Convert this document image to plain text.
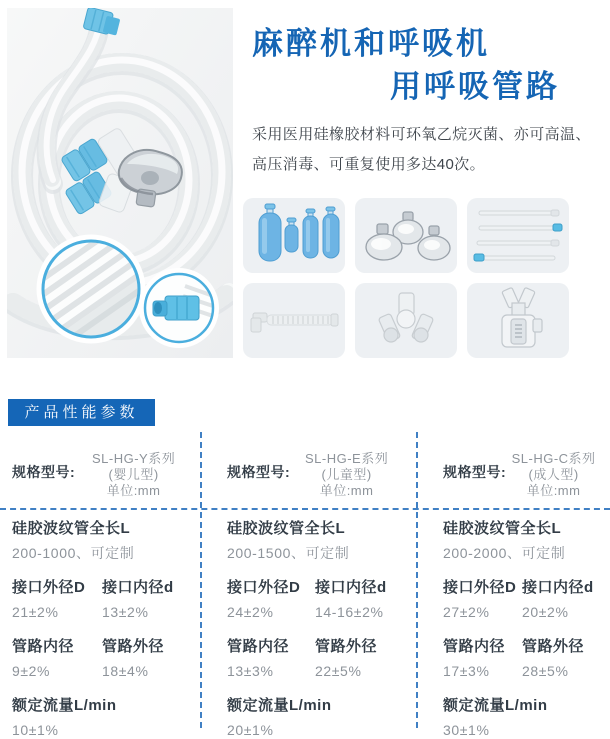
麻醉机和呼吸机
用呼吸管路
采用医用硅橡胶材料可环氧乙烷灭菌、亦可高温、
高压消毒、可重复使用多达40次。
产品性能参数
规格型号:
SL-HG-Y系列
(婴儿型)
单位:mm
硅胶波纹管全长L
200-1000、可定制
接口外径D
21±2%
接口内径d
13±2%
管路内径
9±2%
管路外径
18±4%
额定流量L/min
10±1%
规格型号:
SL-HG-E系列
(儿童型)
单位:mm
硅胶波纹管全长L
200-1500、可定制
接口外径D
24±2%
接口内径d
14-16±2%
管路内径
13±3%
管路外径
22±5%
额定流量L/min
20±1%
规格型号:
SL-HG-C系列
(成人型)
单位:mm
硅胶波纹管全长L
200-2000、可定制
接口外径D
27±2%
接口内径d
20±2%
管路内径
17±3%
管路外径
28±5%
额定流量L/min
30±1%
